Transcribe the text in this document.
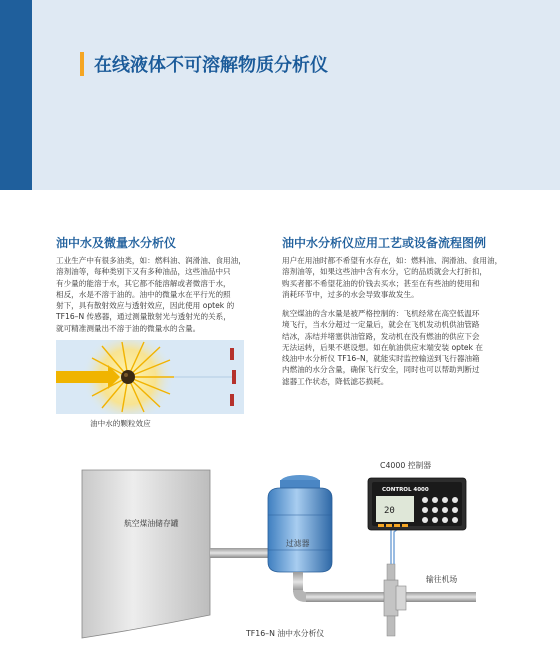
在线液体不可溶解物质分析仪
油中水及微量水分析仪
工业生产中有很多油类，如：燃料油、润滑油、食用油，
溶剂油等，每种类别下又有多种油品，这些油品中只
有少量的能溶于水，其它都不能溶解或者微溶于水，
相反，水是不溶于油的。油中的微量水在平行光的照
射下，具有散射效应与透射效应，因此使用 optek 的
TF16–N 传感器，通过测量散射光与透射光的关系，
就可精准测量出不溶于油的微量水的含量。
油中水的颗粒效应
油中水分析仪应用工艺或设备流程图例
用户在用油时都不希望有水存在，如：燃料油、润滑油、食用油，
溶剂油等，如果这些油中含有水分，它的品质就会大打折扣，
购买者都不希望花油的价钱去买水；甚至在有些油的使用和
消耗环节中，过多的水会导致事故发生。
航空煤油的含水量是被严格控制的：飞机经常在高空低温环
境飞行，当水分超过一定量后，就会在飞机发动机供油管路
结冰，冻结并堵塞供油管路，发动机在没有燃油的供应下会
无法运转，后果不堪设想。如在航油供应末端安装 optek 在
线油中水分析仪 TF16–N，就能实时监控输送到飞行器油箱
内燃油的水分含量，确保飞行安全，同时也可以帮助判断过
滤器工作状态，降低滤芯损耗。
CONTROL 4000
20
航空煤油储存罐
过滤器
C4000 控制器
输往机场
TF16–N 油中水分析仪
